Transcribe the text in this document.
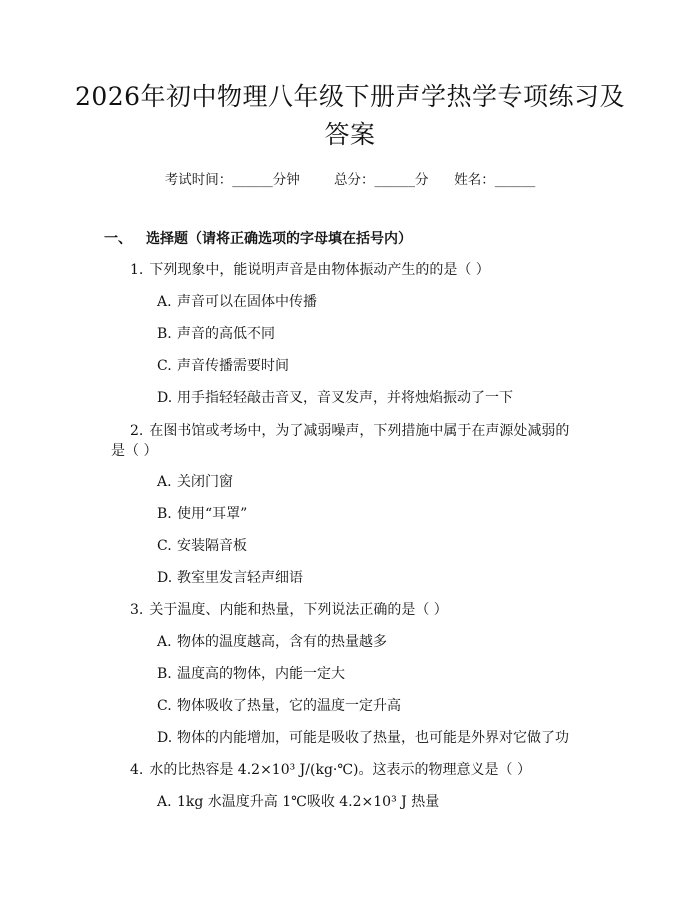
2026年初中物理八年级下册声学热学专项练习及答案
考试时间：______分钟	总分：______分 姓名：______
一、 选择题（请将正确选项的字母填在括号内）
1. 下列现象中，能说明声音是由物体振动产生的的是（ ）
A. 声音可以在固体中传播
B. 声音的高低不同
C. 声音传播需要时间
D. 用手指轻轻敲击音叉，音叉发声，并将烛焰振动了一下
2. 在图书馆或考场中，为了减弱噪声，下列措施中属于在声源处减弱的是（ ）
A. 关闭门窗
B. 使用“耳罩”
C. 安装隔音板
D. 教室里发言轻声细语
3. 关于温度、内能和热量，下列说法正确的是（ ）
A. 物体的温度越高，含有的热量越多
B. 温度高的物体，内能一定大
C. 物体吸收了热量，它的温度一定升高
D. 物体的内能增加，可能是吸收了热量，也可能是外界对它做了功
4. 水的比热容是 4.2×10³ J/(kg·℃)。这表示的物理意义是（ ）
A. 1kg 水温度升高 1℃吸收 4.2×10³ J 热量
